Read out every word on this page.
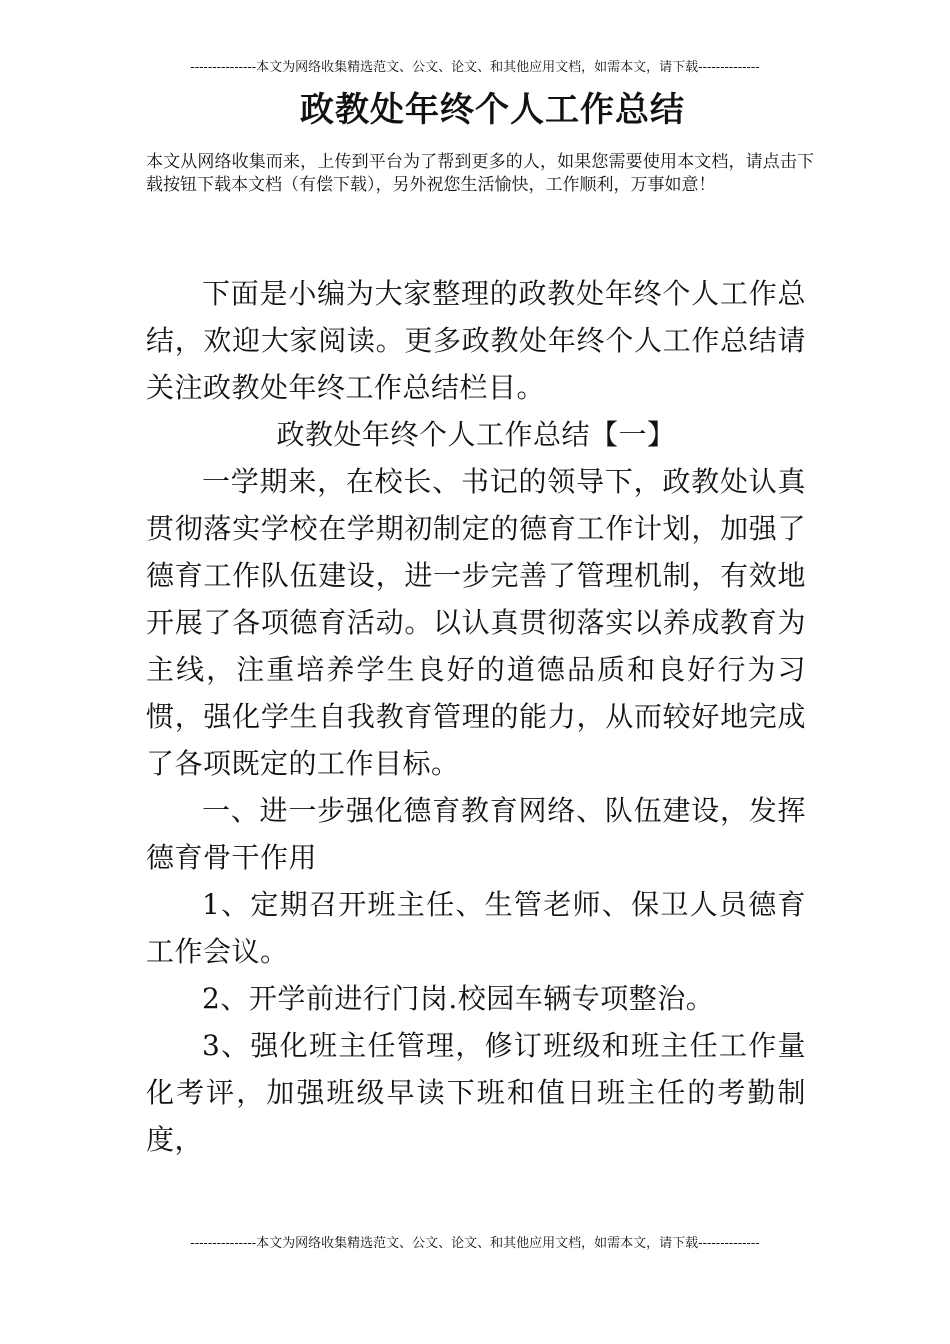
---------------本文为网络收集精选范文、公文、论文、和其他应用文档，如需本文，请下载--------------
政教处年终个人工作总结
本文从网络收集而来，上传到平台为了帮到更多的人，如果您需要使用本文档，请点击下载按钮下载本文档（有偿下载），另外祝您生活愉快，工作顺利，万事如意！

下面是小编为大家整理的政教处年终个人工作总结，欢迎大家阅读。更多政教处年终个人工作总结请关注政教处年终工作总结栏目。

政教处年终个人工作总结【一】

一学期来，在校长、书记的领导下，政教处认真贯彻落实学校在学期初制定的德育工作计划，加强了德育工作队伍建设，进一步完善了管理机制，有效地开展了各项德育活动。以认真贯彻落实以养成教育为主线，注重培养学生良好的道德品质和良好行为习惯，强化学生自我教育管理的能力，从而较好地完成了各项既定的工作目标。

一、进一步强化德育教育网络、队伍建设，发挥德育骨干作用

1、定期召开班主任、生管老师、保卫人员德育工作会议。

2、开学前进行门岗.校园车辆专项整治。

3、强化班主任管理，修订班级和班主任工作量化考评，加强班级早读下班和值日班主任的考勤制度，

---------------本文为网络收集精选范文、公文、论文、和其他应用文档，如需本文，请下载--------------
